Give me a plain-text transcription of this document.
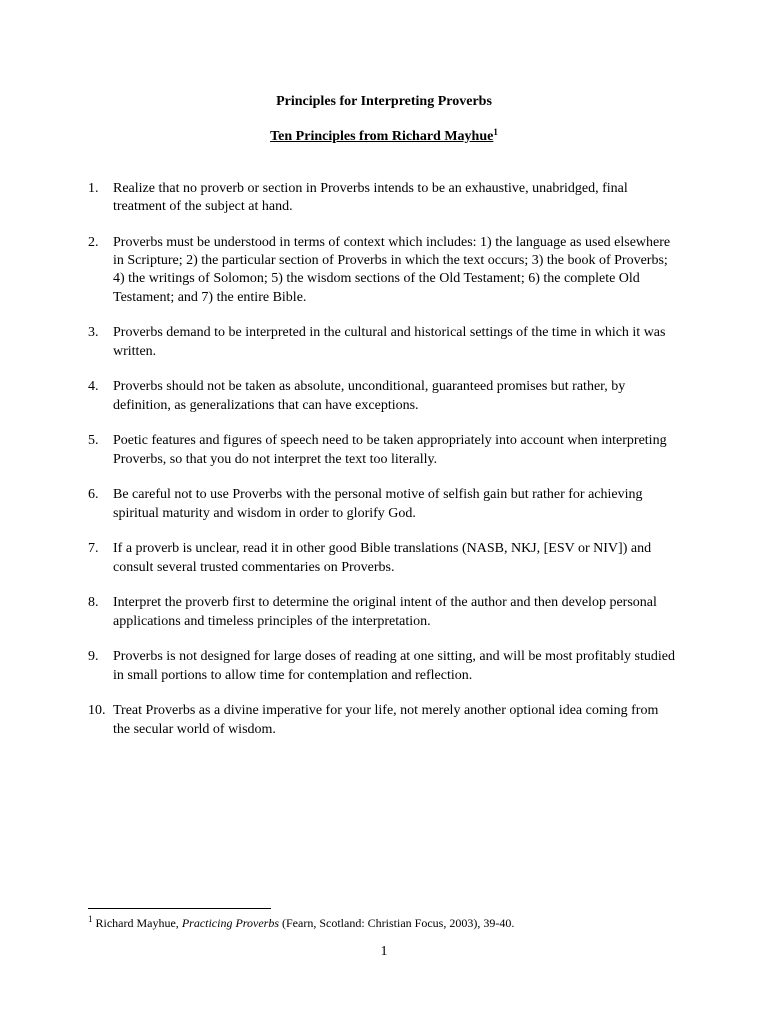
Principles for Interpreting Proverbs
Ten Principles from Richard Mayhue$^1$
1. Realize that no proverb or section in Proverbs intends to be an exhaustive, unabridged, final treatment of the subject at hand.
2. Proverbs must be understood in terms of context which includes: 1) the language as used elsewhere in Scripture; 2) the particular section of Proverbs in which the text occurs; 3) the book of Proverbs; 4) the writings of Solomon; 5) the wisdom sections of the Old Testament; 6) the complete Old Testament; and 7) the entire Bible.
3. Proverbs demand to be interpreted in the cultural and historical settings of the time in which it was written.
4. Proverbs should not be taken as absolute, unconditional, guaranteed promises but rather, by definition, as generalizations that can have exceptions.
5. Poetic features and figures of speech need to be taken appropriately into account when interpreting Proverbs, so that you do not interpret the text too literally.
6. Be careful not to use Proverbs with the personal motive of selfish gain but rather for achieving spiritual maturity and wisdom in order to glorify God.
7. If a proverb is unclear, read it in other good Bible translations (NASB, NKJ, [ESV or NIV]) and consult several trusted commentaries on Proverbs.
8. Interpret the proverb first to determine the original intent of the author and then develop personal applications and timeless principles of the interpretation.
9. Proverbs is not designed for large doses of reading at one sitting, and will be most profitably studied in small portions to allow time for contemplation and reflection.
10. Treat Proverbs as a divine imperative for your life, not merely another optional idea coming from the secular world of wisdom.
$^1$ Richard Mayhue, Practicing Proverbs (Fearn, Scotland: Christian Focus, 2003), 39-40.
1
